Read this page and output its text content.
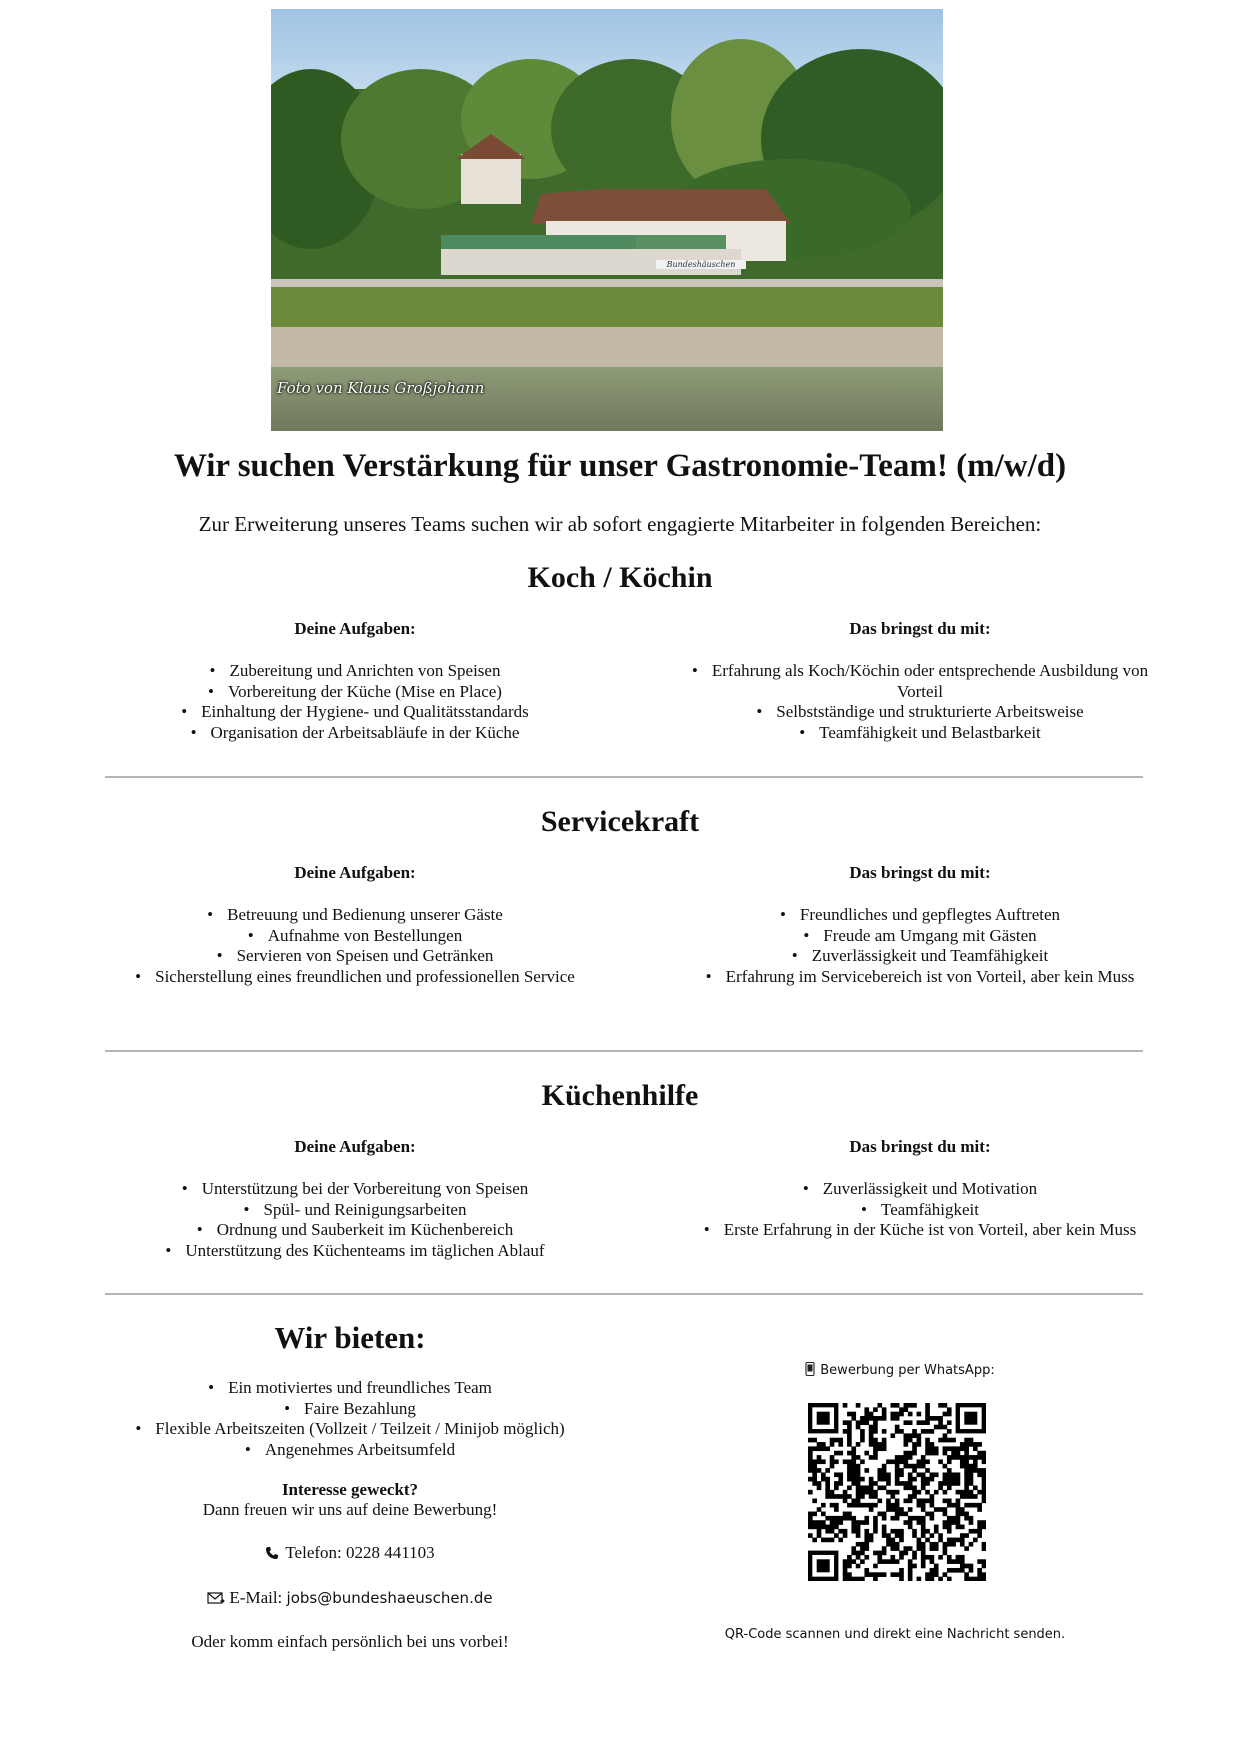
Bundeshäuschen
Foto von Klaus Großjohann
Wir suchen Verstärkung für unser Gastronomie-Team! (m/w/d)

Zur Erweiterung unseres Teams suchen wir ab sofort engagierte Mitarbeiter in folgenden Bereichen:

Koch / Köchin
Deine Aufgaben:
• Zubereitung und Anrichten von Speisen
• Vorbereitung der Küche (Mise en Place)
• Einhaltung der Hygiene- und Qualitätsstandards
• Organisation der Arbeitsabläufe in der Küche
Das bringst du mit:
• Erfahrung als Koch/Köchin oder entsprechende Ausbildung von Vorteil
• Selbstständige und strukturierte Arbeitsweise
• Teamfähigkeit und Belastbarkeit
Servicekraft
Deine Aufgaben:
• Betreuung und Bedienung unserer Gäste
• Aufnahme von Bestellungen
• Servieren von Speisen und Getränken
• Sicherstellung eines freundlichen und professionellen Service
Das bringst du mit:
• Freundliches und gepflegtes Auftreten
• Freude am Umgang mit Gästen
• Zuverlässigkeit und Teamfähigkeit
• Erfahrung im Servicebereich ist von Vorteil, aber kein Muss
Küchenhilfe
Deine Aufgaben:
• Unterstützung bei der Vorbereitung von Speisen
• Spül- und Reinigungsarbeiten
• Ordnung und Sauberkeit im Küchenbereich
• Unterstützung des Küchenteams im täglichen Ablauf
Das bringst du mit:
• Zuverlässigkeit und Motivation
• Teamfähigkeit
• Erste Erfahrung in der Küche ist von Vorteil, aber kein Muss
Wir bieten:
• Ein motiviertes und freundliches Team
• Faire Bezahlung
• Flexible Arbeitszeiten (Vollzeit / Teilzeit / Minijob möglich)
• Angenehmes Arbeitsumfeld
Interesse geweckt?
Dann freuen wir uns auf deine Bewerbung!
Telefon: 0228 441103
E-Mail: jobs@bundeshaeuschen.de
Oder komm einfach persönlich bei uns vorbei!
Bewerbung per WhatsApp:
QR-Code scannen und direkt eine Nachricht senden.
